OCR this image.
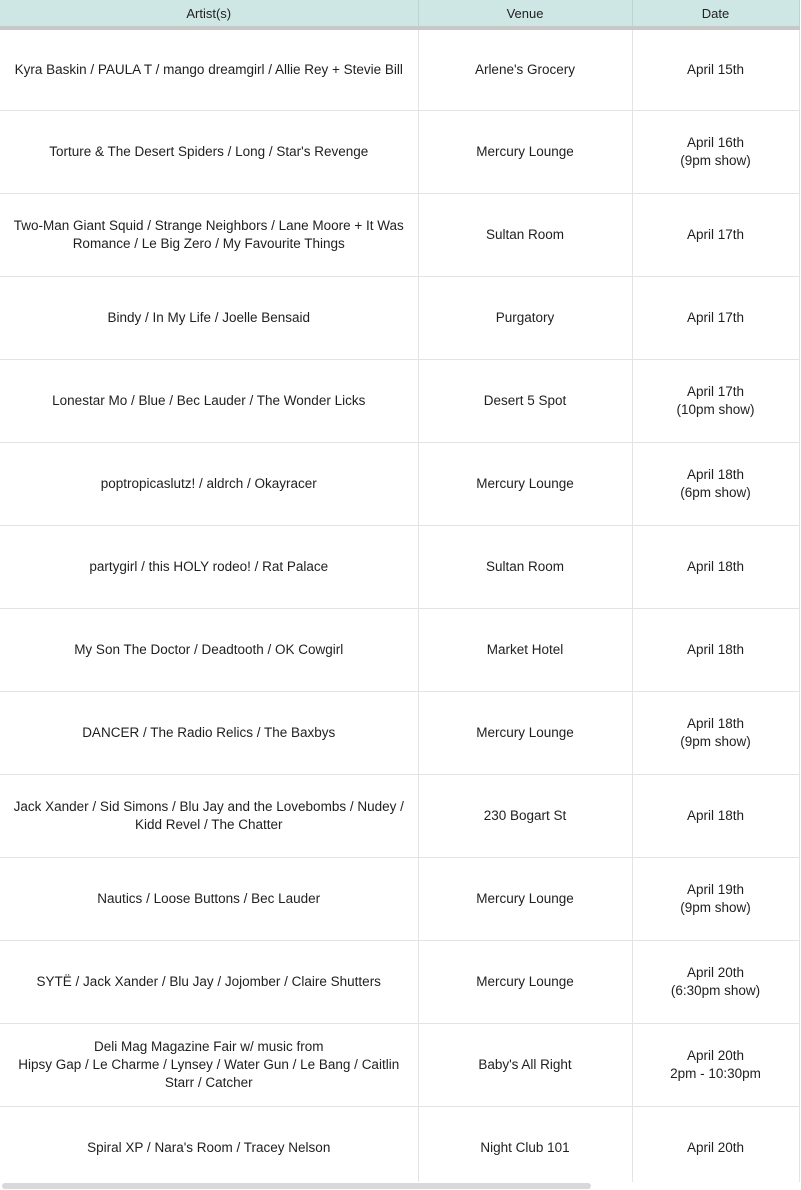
Artist(s)	Venue	Date

Kyra Baskin / PAULA T / mango dreamgirl / Allie Rey + Stevie Bill	Arlene's Grocery	April 15th

Torture & The Desert Spiders / Long / Star's Revenge	Mercury Lounge	April 16th
(9pm show)

Two-Man Giant Squid / Strange Neighbors / Lane Moore + It Was Romance / Le Big Zero / My Favourite Things	Sultan Room	April 17th

Bindy / In My Life / Joelle Bensaid	Purgatory	April 17th

Lonestar Mo / Blue / Bec Lauder / The Wonder Licks	Desert 5 Spot	April 17th
(10pm show)

poptropicaslutz! / aldrch / Okayracer	Mercury Lounge	April 18th
(6pm show)

partygirl / this HOLY rodeo! / Rat Palace	Sultan Room	April 18th

My Son The Doctor / Deadtooth / OK Cowgirl	Market Hotel	April 18th

DANCER / The Radio Relics / The Baxbys	Mercury Lounge	April 18th
(9pm show)

Jack Xander / Sid Simons / Blu Jay and the Lovebombs / Nudey / Kidd Revel / The Chatter	230 Bogart St	April 18th

Nautics / Loose Buttons / Bec Lauder	Mercury Lounge	April 19th
(9pm show)

SYTË / Jack Xander / Blu Jay / Jojomber / Claire Shutters	Mercury Lounge	April 20th
(6:30pm show)

Deli Mag Magazine Fair w/ music from
Hipsy Gap / Le Charme / Lynsey / Water Gun / Le Bang / Caitlin Starr / Catcher	Baby's All Right	April 20th
2pm - 10:30pm

Spiral XP / Nara's Room / Tracey Nelson	Night Club 101	April 20th
